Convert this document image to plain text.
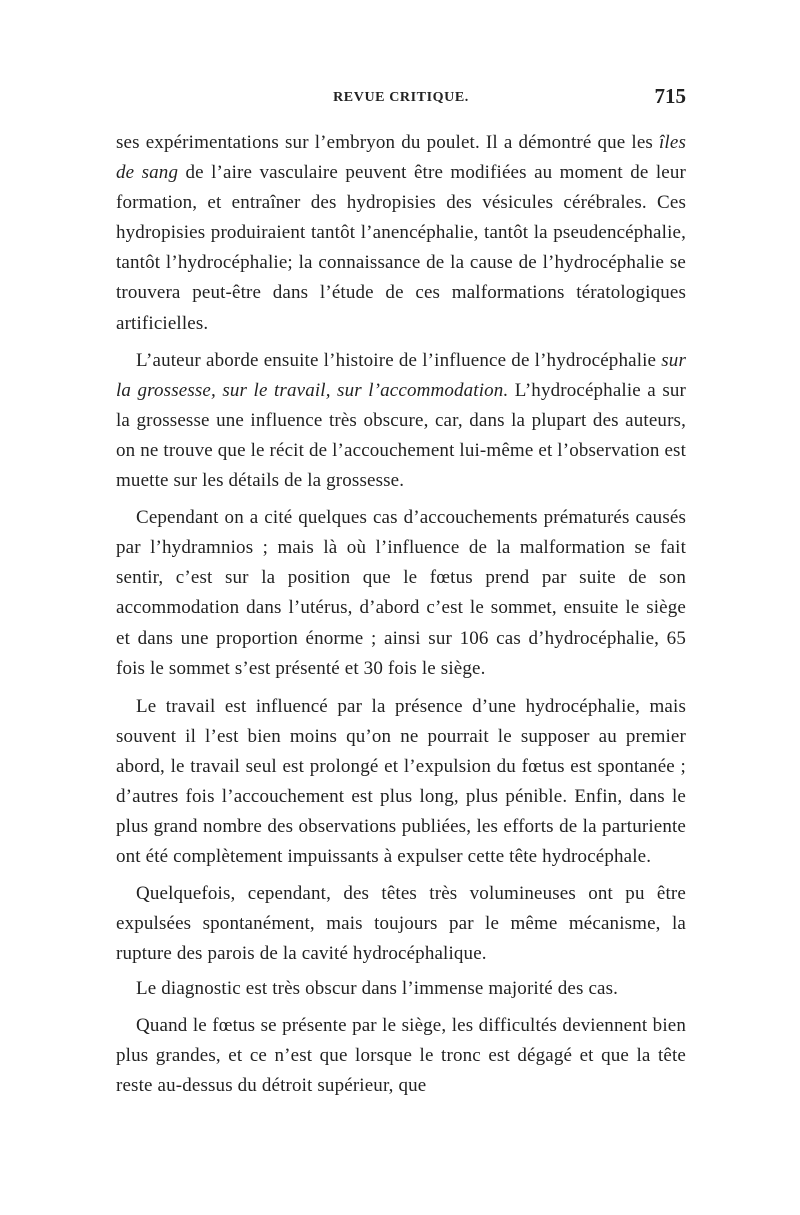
REVUE CRITIQUE.	715

ses expérimentations sur l’embryon du poulet. Il a démontré que les îles de sang de l’aire vasculaire peuvent être modifiées au moment de leur formation, et entraîner des hydropisies des vésicules cérébrales. Ces hydropisies produiraient tantôt l’anencéphalie, tantôt la pseudencéphalie, tantôt l’hydrocéphalie; la connaissance de la cause de l’hydrocéphalie se trouvera peut-être dans l’étude de ces malformations tératologiques artificielles.

L’auteur aborde ensuite l’histoire de l’influence de l’hydrocéphalie sur la grossesse, sur le travail, sur l’accommodation. L’hydrocéphalie a sur la grossesse une influence très obscure, car, dans la plupart des auteurs, on ne trouve que le récit de l’accouchement lui-même et l’observation est muette sur les détails de la grossesse.

Cependant on a cité quelques cas d’accouchements prématurés causés par l’hydramnios ; mais là où l’influence de la malformation se fait sentir, c’est sur la position que le fœtus prend par suite de son accommodation dans l’utérus, d’abord c’est le sommet, ensuite le siège et dans une proportion énorme ; ainsi sur 106 cas d’hydrocéphalie, 65 fois le sommet s’est présenté et 30 fois le siège.

Le travail est influencé par la présence d’une hydrocéphalie, mais souvent il l’est bien moins qu’on ne pourrait le supposer au premier abord, le travail seul est prolongé et l’expulsion du fœtus est spontanée ; d’autres fois l’accouchement est plus long, plus pénible. Enfin, dans le plus grand nombre des observations publiées, les efforts de la parturiente ont été complètement impuissants à expulser cette tête hydrocéphale.

Quelquefois, cependant, des têtes très volumineuses ont pu être expulsées spontanément, mais toujours par le même mécanisme, la rupture des parois de la cavité hydrocéphalique.

Le diagnostic est très obscur dans l’immense majorité des cas.

Quand le fœtus se présente par le siège, les difficultés deviennent bien plus grandes, et ce n’est que lorsque le tronc est dégagé et que la tête reste au-dessus du détroit supérieur, que
